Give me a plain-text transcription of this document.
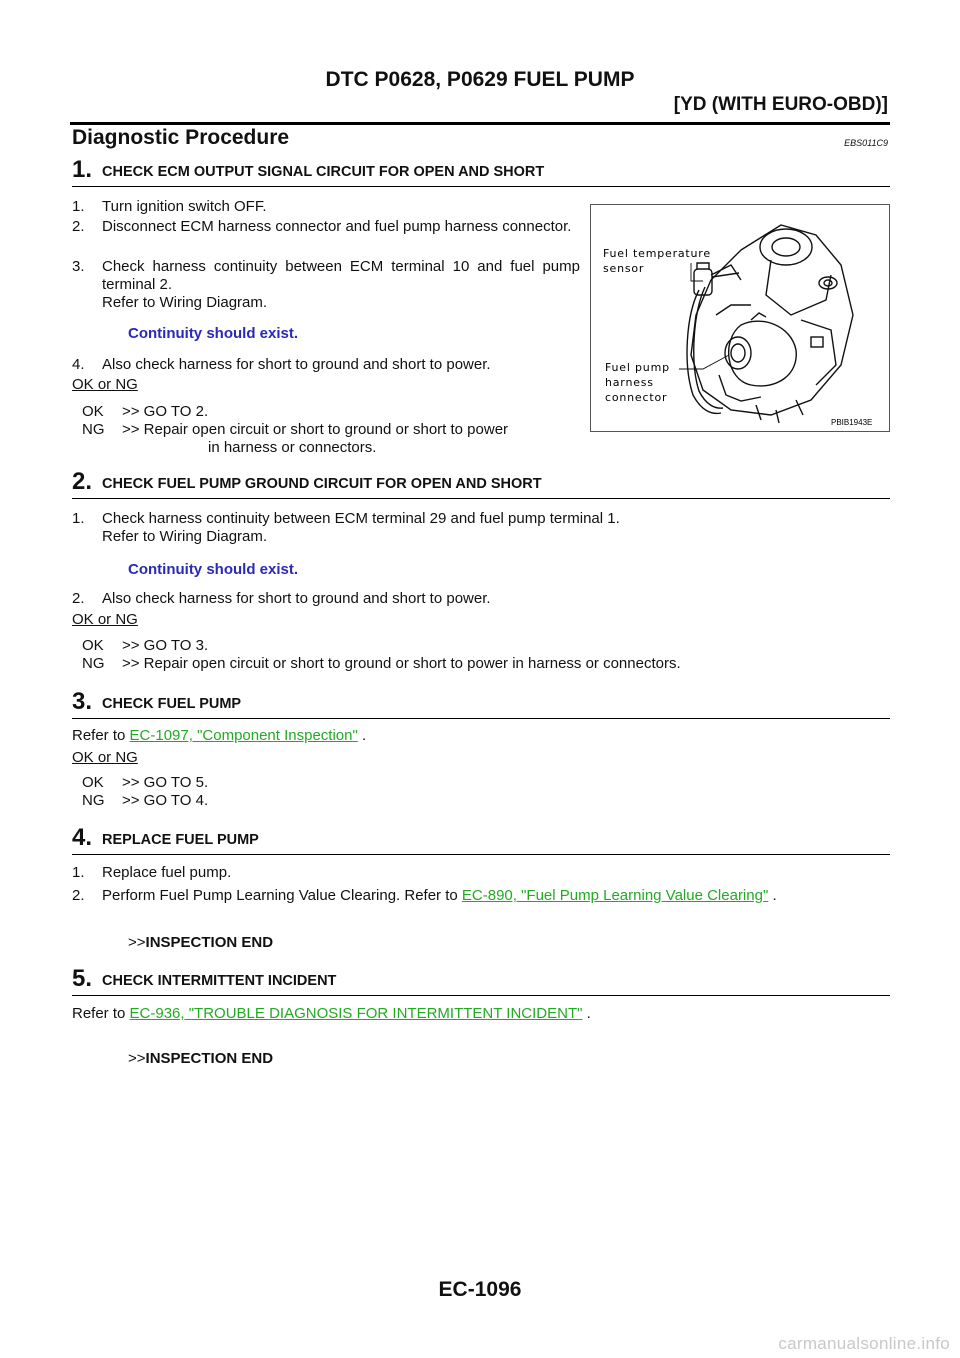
DTC P0628, P0629 FUEL PUMP
[YD (WITH EURO-OBD)]
Diagnostic Procedure	EBS011C9
1. CHECK ECM OUTPUT SIGNAL CIRCUIT FOR OPEN AND SHORT
1. Turn ignition switch OFF.
2. Disconnect ECM harness connector and fuel pump harness connector.
3. Check harness continuity between ECM terminal 10 and fuel pump terminal 2.
Refer to Wiring Diagram.
Continuity should exist.
4. Also check harness for short to ground and short to power.
OK or NG
OK >> GO TO 2.
NG >> Repair open circuit or short to ground or short to power
in harness or connectors.
Fuel temperature
sensor
Fuel pump
harness
connector
PBIB1943E
2. CHECK FUEL PUMP GROUND CIRCUIT FOR OPEN AND SHORT
1. Check harness continuity between ECM terminal 29 and fuel pump terminal 1.
Refer to Wiring Diagram.
Continuity should exist.
2. Also check harness for short to ground and short to power.
OK or NG
OK >> GO TO 3.
NG >> Repair open circuit or short to ground or short to power in harness or connectors.
3. CHECK FUEL PUMP
Refer to EC-1097, "Component Inspection" .
OK or NG
OK >> GO TO 5.
NG >> GO TO 4.
4. REPLACE FUEL PUMP
1. Replace fuel pump.
2. Perform Fuel Pump Learning Value Clearing. Refer to EC-890, "Fuel Pump Learning Value Clearing" .
>>INSPECTION END
5. CHECK INTERMITTENT INCIDENT
Refer to EC-936, "TROUBLE DIAGNOSIS FOR INTERMITTENT INCIDENT" .
>>INSPECTION END
EC-1096
carmanualsonline.info
